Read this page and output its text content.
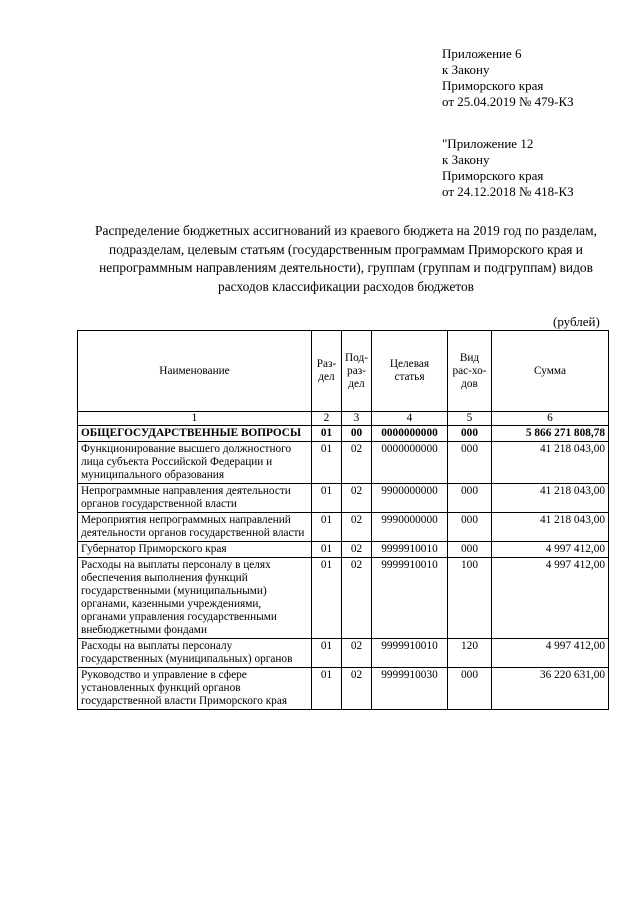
Приложение 6
к Закону
Приморского края
от 25.04.2019 № 479-КЗ
"Приложение 12
к Закону
Приморского края
от 24.12.2018 № 418-КЗ
Распределение бюджетных ассигнований из краевого бюджета на 2019 год по разделам, подразделам, целевым статьям (государственным программам Приморского края и непрограммным направлениям деятельности), группам (группам и подгруппам) видов расходов классификации расходов бюджетов
(рублей)
Наименование	Раз-дел	Под-раз-дел	Целевая статья	Вид рас-хо-дов	Сумма
1	2	3	4	5	6
ОБЩЕГОСУДАРСТВЕННЫЕ ВОПРОСЫ	01	00	0000000000	000	5 866 271 808,78
Функционирование высшего должностного лица субъекта Российской Федерации и муниципального образования	01	02	0000000000	000	41 218 043,00
Непрограммные направления деятельности органов государственной власти	01	02	9900000000	000	41 218 043,00
Мероприятия непрограммных направлений деятельности органов государственной власти	01	02	9990000000	000	41 218 043,00
Губернатор Приморского края	01	02	9999910010	000	4 997 412,00
Расходы на выплаты персоналу в целях обеспечения выполнения функций государственными (муниципальными) органами, казенными учреждениями, органами управления государственными внебюджетными фондами	01	02	9999910010	100	4 997 412,00
Расходы на выплаты персоналу государственных (муниципальных) органов	01	02	9999910010	120	4 997 412,00
Руководство и управление в сфере установленных функций органов государственной власти Приморского края	01	02	9999910030	000	36 220 631,00
